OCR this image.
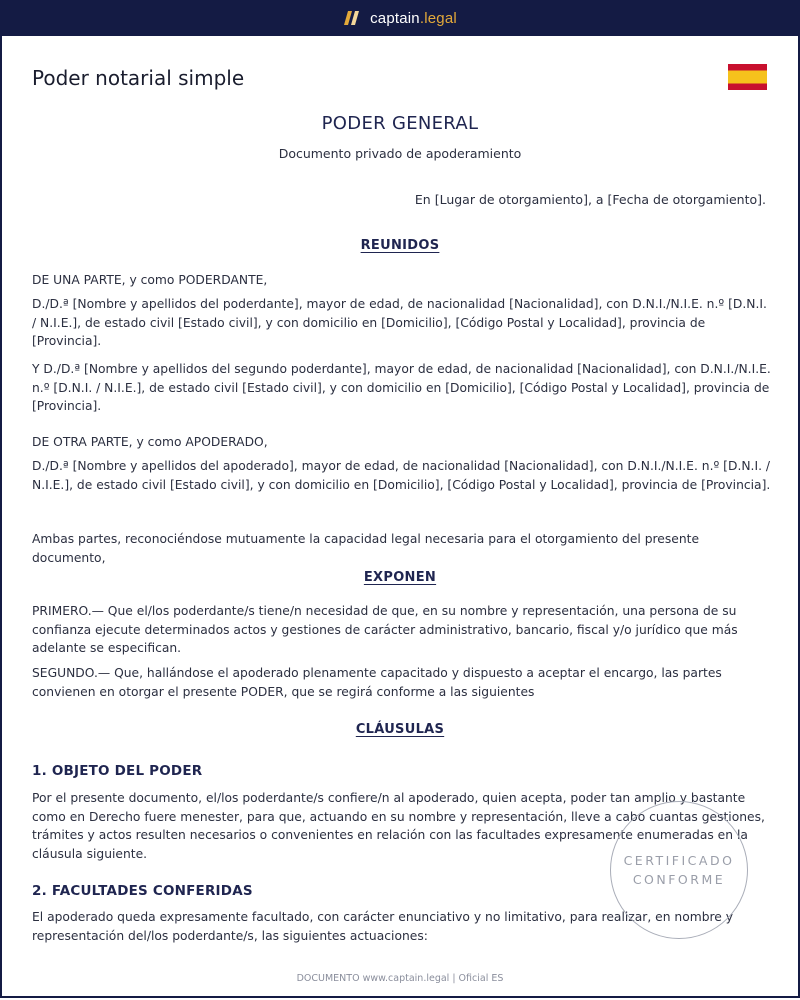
captain.legal
Poder notarial simple
PODER GENERAL

Documento privado de apoderamiento

En [Lugar de otorgamiento], a [Fecha de otorgamiento].

REUNIDOS

DE UNA PARTE, y como PODERDANTE,

D./D.ª [Nombre y apellidos del poderdante], mayor de edad, de nacionalidad [Nacionalidad], con D.N.I./N.I.E. n.º [D.N.I. / N.I.E.], de estado civil [Estado civil], y con domicilio en [Domicilio], [Código Postal y Localidad], provincia de [Provincia].

Y D./D.ª [Nombre y apellidos del segundo poderdante], mayor de edad, de nacionalidad [Nacionalidad], con D.N.I./N.I.E. n.º [D.N.I. / N.I.E.], de estado civil [Estado civil], y con domicilio en [Domicilio], [Código Postal y Localidad], provincia de [Provincia].

DE OTRA PARTE, y como APODERADO,

D./D.ª [Nombre y apellidos del apoderado], mayor de edad, de nacionalidad [Nacionalidad], con D.N.I./N.I.E. n.º [D.N.I. / N.I.E.], de estado civil [Estado civil], y con domicilio en [Domicilio], [Código Postal y Localidad], provincia de [Provincia].

Ambas partes, reconociéndose mutuamente la capacidad legal necesaria para el otorgamiento del presente documento,

EXPONEN

PRIMERO.— Que el/los poderdante/s tiene/n necesidad de que, en su nombre y representación, una persona de su confianza ejecute determinados actos y gestiones de carácter administrativo, bancario, fiscal y/o jurídico que más adelante se especifican.

SEGUNDO.— Que, hallándose el apoderado plenamente capacitado y dispuesto a aceptar el encargo, las partes convienen en otorgar el presente PODER, que se regirá conforme a las siguientes

CLÁUSULAS
1. OBJETO DEL PODER

Por el presente documento, el/los poderdante/s confiere/n al apoderado, quien acepta, poder tan amplio y bastante como en Derecho fuere menester, para que, actuando en su nombre y representación, lleve a cabo cuantas gestiones, trámites y actos resulten necesarios o convenientes en relación con las facultades expresamente enumeradas en la cláusula siguiente.

2. FACULTADES CONFERIDAS

El apoderado queda expresamente facultado, con carácter enunciativo y no limitativo, para realizar, en nombre y representación del/los poderdante/s, las siguientes actuaciones:

CERTIFICADO
CONFORME

DOCUMENTO www.captain.legal | Oficial ES
